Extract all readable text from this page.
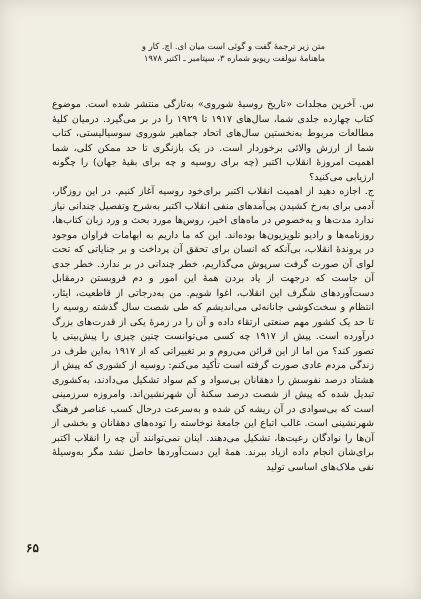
متن زیر ترجمهٔ گفت و گوئی است میان ای. اچ. کار و
ماهنامهٔ نیولفت ریویو شماره ۳، سپتامبر ـ اکتبر ۱۹۷۸

س. آخرین مجلدات «تاریخ روسیهٔ شوروی» به‌تازگی منتشر شده است. موضوع کتاب چهارده جلدی شما، سال‌های ۱۹۱۷ تا ۱۹۲۹ را در بر می‌گیرد. درمیان کلیهٔ مطالعات مربوط به‌نخستین سال‌های اتحاد جماهیر شوروی سوسیالیستی، کتاب شما از ارزش والائی برخوردار است. در یک بازنگری تا حد ممکن کلی، شما اهمیت امروزهٔ انقلاب اکتبر (چه برای روسیه و چه برای بقیهٔ جهان) را چگونه ارزیابی می‌کنید؟

ج. اجازه دهید از اهمیت انقلاب اکتبر برای‌خود روسیه آغاز کنیم. در این روزگار، آدمی برای به‌رخ کشیدن پی‌آمدهای منفی انقلاب اکتبر به‌شرح وتفصیل چندانی نیاز ندارد مدت‌ها و به‌خصوص در ماه‌های اخیر، روس‌ها مورد بحث و ورد زبان کتاب‌ها، روزنامه‌ها و رادیو تلویزیون‌ها بوده‌اند. این که ما داریم به ابهامات فراوان موجود در پروندهٔ انقلاب، بی‌آنکه که انسان برای تحقق آن پرداخت و بر جنایاتی که تحت لوای آن صورت گرفت سرپوش می‌گذاریم، خطر چندانی در بر ندارد. خطر جدی آن جاست که درجهت از یاد بردن همهٔ این امور و دم فروبستن درمقابل دست‌آوردهای شگرف این انقلاب، اغوا شویم. من به‌درجاتی از قاطعیت، ایثار، انتظام و سخت‌کوشی جانانه‌ئی می‌اندیشم که طی شصت سال گذشته روسیه را تا حد یک کشور مهم صنعتی ارتقاء داده و آن را در زمرهٔ یکی از قدرت‌های بزرگ درآورده است. پیش از ۱۹۱۷ چه کسی می‌توانست چنین چیزی را پیش‌بینی یا تصور کند؟ من اما از این قرائن می‌روم و بر تغییراتی که از ۱۹۱۷ به‌این طرف در زندگی مردم عادی صورت گرفته است تأکید می‌کنم: روسیه از کشوری که پیش از هشتاد درصد نفوسش را دهقانان بی‌سواد و کم سواد تشکیل می‌دادند، به‌کشوری تبدیل شده که پیش از شصت درصد سکنهٔ آن شهرنشین‌اند. وامروزه سرزمینی است که بی‌سوادی در آن ریشه کن شده و به‌سرعت درحال کسب عناصر فرهنگ شهرنشینی است. غالب اتباع این جامعهٔ نوخاسته را توده‌های دهقانان و بخشی از آن‌ها را نوادگان رعیت‌ها، تشکیل می‌دهند. اینان نمی‌توانند آن چه را انقلاب اکتبر برای‌شان انجام داده ازیاد ببرند. همهٔ این دست‌آوردها حاصل نشد مگر به‌وسیلهٔ نفی ملاک‌های اساسی تولید

۶۵
